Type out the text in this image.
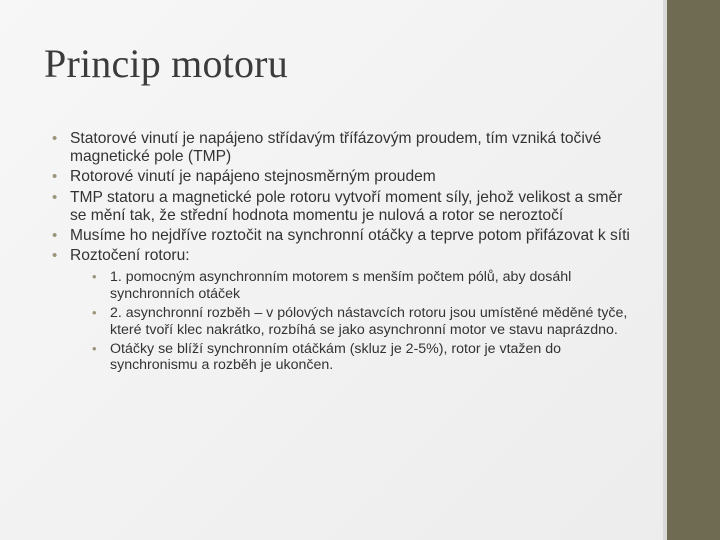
Princip motoru
• Statorové vinutí je napájeno střídavým třífázovým proudem, tím vzniká točivé magnetické pole (TMP)
• Rotorové vinutí je napájeno stejnosměrným proudem
• TMP statoru a magnetické pole rotoru vytvoří moment síly, jehož velikost a směr se mění tak, že střední hodnota momentu je nulová a rotor se neroztočí
• Musíme ho nejdříve roztočit na synchronní otáčky a teprve potom přifázovat k síti
• Roztočení rotoru:
• 1. pomocným asynchronním motorem s menším počtem pólů, aby dosáhl synchronních otáček
• 2. asynchronní rozběh – v pólových nástavcích rotoru jsou umístěné měděné tyče, které tvoří klec nakrátko, rozbíhá se jako asynchronní motor ve stavu naprázdno.
• Otáčky se blíží synchronním otáčkám (skluz je 2-5%), rotor je vtažen do synchronismu a rozběh je ukončen.
